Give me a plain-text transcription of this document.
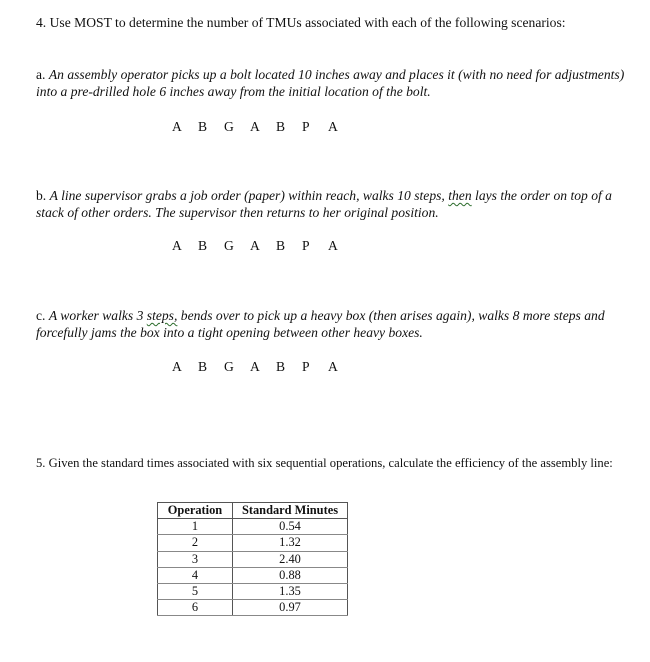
4. Use MOST to determine the number of TMUs associated with each of the following scenarios:
a. An assembly operator picks up a bolt located 10 inches away and places it (with no need for adjustments) into a pre-drilled hole 6 inches away from the initial location of the bolt.
A	B	G	A	B	P	A
b. A line supervisor grabs a job order (paper) within reach, walks 10 steps, then lays the order on top of a stack of other orders. The supervisor then returns to her original position.
A	B	G	A	B	P	A
c. A worker walks 3 steps, bends over to pick up a heavy box (then arises again), walks 8 more steps and forcefully jams the box into a tight opening between other heavy boxes.
A	B	G	A	B	P	A
5. Given the standard times associated with six sequential operations, calculate the efficiency of the assembly line:
Operation	Standard Minutes
1	0.54
2	1.32
3	2.40
4	0.88
5	1.35
6	0.97
